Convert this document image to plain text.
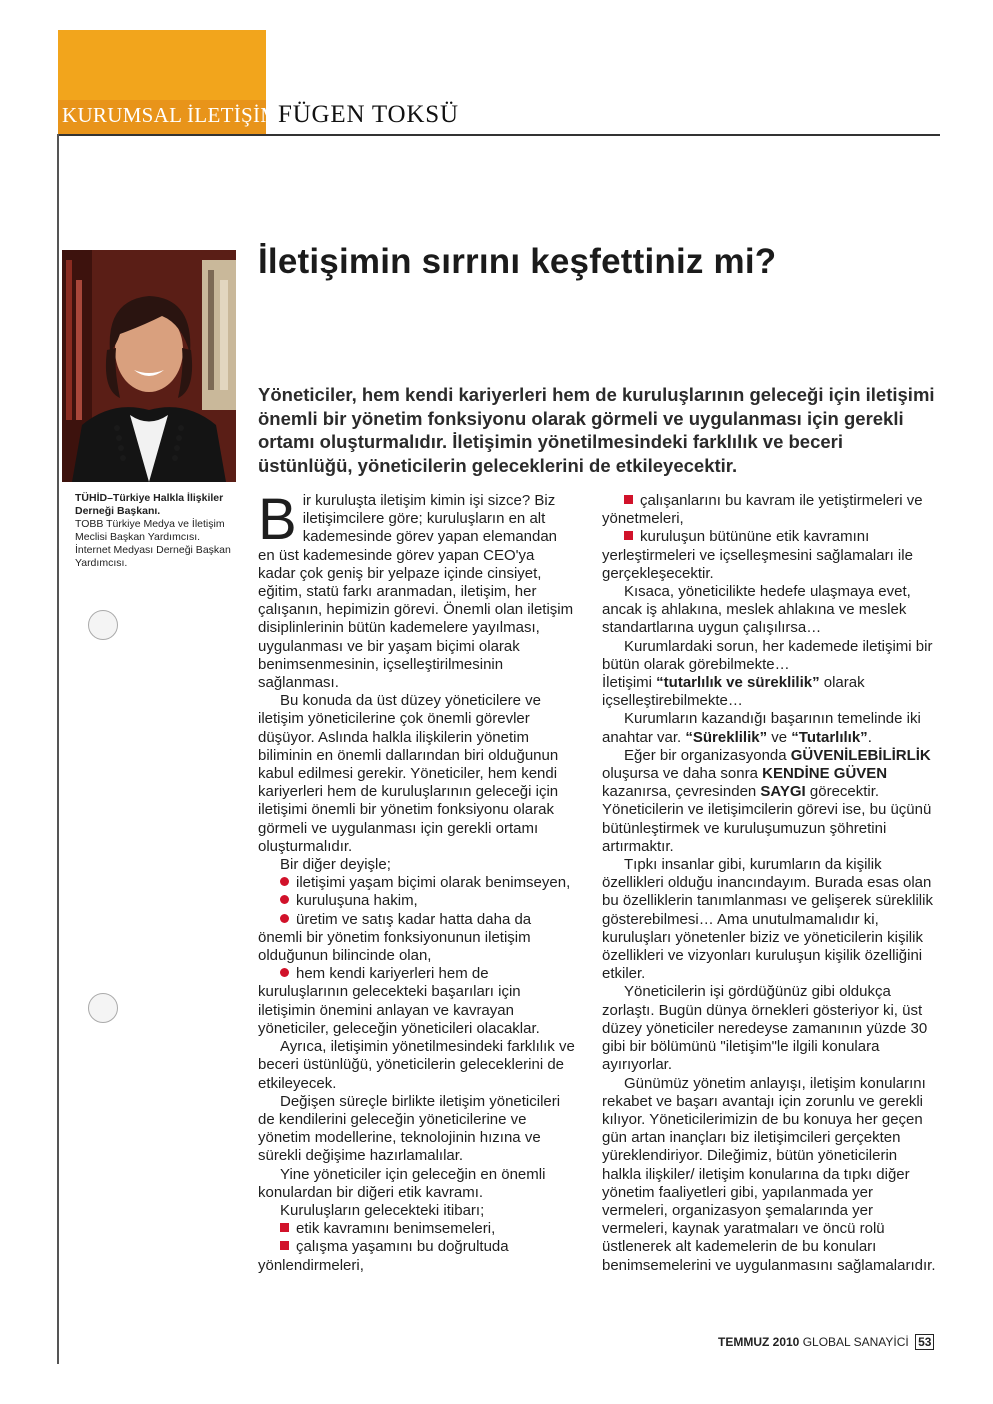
KURUMSAL İLETİŞİM
FÜGEN TOKSÜ
İletişimin sırrını keşfettiniz mi?
TÜHİD–Türkiye Halkla İlişkiler Derneği Başkanı.
TOBB Türkiye Medya ve İletişim Meclisi Başkan Yardımcısı.
İnternet Medyası Derneği Başkan Yardımcısı.
Yöneticiler, hem kendi kariyerleri hem de kuruluşlarının geleceği için iletişimi önemli bir yönetim fonksiyonu olarak görmeli ve uygulanması için gerekli ortamı oluşturmalıdır. İletişimin yönetilmesindeki farklılık ve beceri üstünlüğü, yöneticilerin geleceklerini de etkileyecektir.

Bir kuruluşta iletişim kimin işi sizce? Biz iletişimcilere göre; kuruluşların en alt kademesinde görev yapan elemandan en üst kademesinde görev yapan CEO'ya kadar çok geniş bir yelpaze içinde cinsiyet, eğitim, statü farkı aranmadan, iletişim, her çalışanın, hepimizin görevi. Önemli olan iletişim disiplinlerinin bütün kademelere yayılması, uygulanması ve bir yaşam biçimi olarak benimsenmesinin, içselleştirilmesinin sağlanması.

Bu konuda da üst düzey yöneticilere ve iletişim yöneticilerine çok önemli görevler düşüyor. Aslında halkla ilişkilerin yönetim biliminin en önemli dallarından biri olduğunun kabul edilmesi gerekir. Yöneticiler, hem kendi kariyerleri hem de kuruluşlarının geleceği için iletişimi önemli bir yönetim fonksiyonu olarak görmeli ve uygulanması için gerekli ortamı oluşturmalıdır.

Bir diğer deyişle;

iletişimi yaşam biçimi olarak benimseyen,

kuruluşuna hakim,

üretim ve satış kadar hatta daha da önemli bir yönetim fonksiyonunun iletişim olduğunun bilincinde olan,

hem kendi kariyerleri hem de kuruluşlarının gelecekteki başarıları için iletişimin önemini anlayan ve kavrayan yöneticiler, geleceğin yöneticileri olacaklar.

Ayrıca, iletişimin yönetilmesindeki farklılık ve beceri üstünlüğü, yöneticilerin geleceklerini de etkileyecek.

Değişen süreçle birlikte iletişim yöneticileri de kendilerini geleceğin yöneticilerine ve yönetim modellerine, teknolojinin hızına ve sürekli değişime hazırlamalılar.

Yine yöneticiler için geleceğin en önemli konulardan bir diğeri etik kavramı.

Kuruluşların gelecekteki itibarı;

etik kavramını benimsemeleri,

çalışma yaşamını bu doğrultuda yönlendirmeleri,

çalışanlarını bu kavram ile yetiştirmeleri ve yönetmeleri,

kuruluşun bütününe etik kavramını yerleştirmeleri ve içselleşmesini sağlamaları ile gerçekleşecektir.

Kısaca, yöneticilikte hedefe ulaşmaya evet, ancak iş ahlakına, meslek ahlakına ve meslek standartlarına uygun çalışılırsa…

Kurumlardaki sorun, her kademede iletişimi bir bütün olarak görebilmekte…

İletişimi “tutarlılık ve süreklilik” olarak içselleştirebilmekte…

Kurumların kazandığı başarının temelinde iki anahtar var. “Süreklilik” ve “Tutarlılık”.

Eğer bir organizasyonda GÜVENİLEBİLİRLİK oluşursa ve daha sonra KENDİNE GÜVEN kazanırsa, çevresinden SAYGI görecektir. Yöneticilerin ve iletişimcilerin görevi ise, bu üçünü bütünleştirmek ve kuruluşumuzun şöhretini artırmaktır.

Tıpkı insanlar gibi, kurumların da kişilik özellikleri olduğu inancındayım. Burada esas olan bu özelliklerin tanımlanması ve gelişerek süreklilik gösterebilmesi… Ama unutulmamalıdır ki, kuruluşları yönetenler biziz ve yöneticilerin kişilik özellikleri ve vizyonları kuruluşun kişilik özelliğini etkiler.

Yöneticilerin işi gördüğünüz gibi oldukça zorlaştı. Bugün dünya örnekleri gösteriyor ki, üst düzey yöneticiler neredeyse zamanının yüzde 30 gibi bir bölümünü "iletişim"le ilgili konulara ayırıyorlar.

Günümüz yönetim anlayışı, iletişim konularını rekabet ve başarı avantajı için zorunlu ve gerekli kılıyor. Yöneticilerimizin de bu konuya her geçen gün artan inançları biz iletişimcileri gerçekten yüreklendiriyor. Dileğimiz, bütün yöneticilerin halkla ilişkiler/ iletişim konularına da tıpkı diğer yönetim faaliyetleri gibi, yapılanmada yer vermeleri, organizasyon şemalarında yer vermeleri, kaynak yaratmaları ve öncü rolü üstlenerek alt kademelerin de bu konuları benimsemelerini ve uygulanmasını sağlamalarıdır.

TEMMUZ 2010 GLOBAL SANAYİCİ 53
